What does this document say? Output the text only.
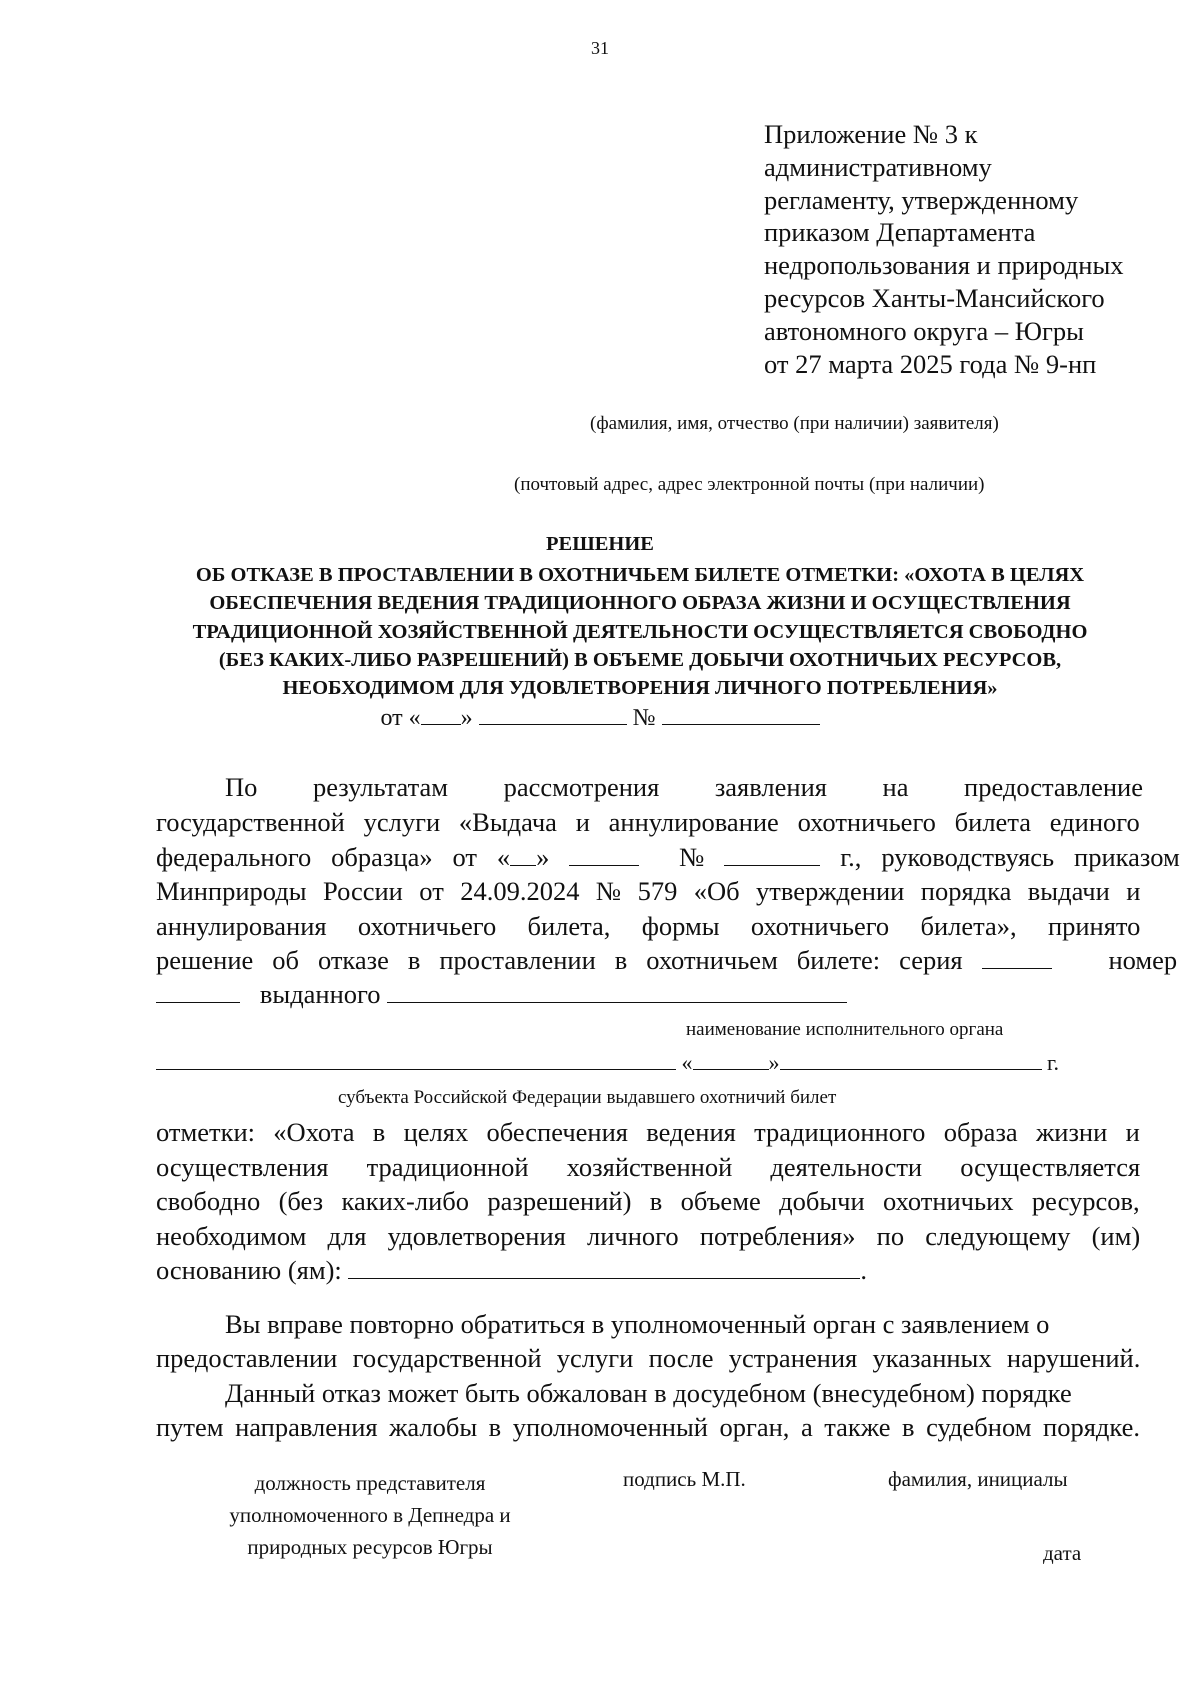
31
Приложение № 3 к
административному
регламенту, утвержденному
приказом Департамента
недропользования и природных
ресурсов Ханты-Мансийского
автономного округа – Югры
от 27 марта 2025 года № 9-нп
(фамилия, имя, отчество (при наличии) заявителя)
(почтовый адрес, адрес электронной почты (при наличии)
РЕШЕНИЕ
ОБ ОТКАЗЕ В ПРОСТАВЛЕНИИ В ОХОТНИЧЬЕМ БИЛЕТЕ ОТМЕТКИ: «ОХОТА В ЦЕЛЯХ
ОБЕСПЕЧЕНИЯ ВЕДЕНИЯ ТРАДИЦИОННОГО ОБРАЗА ЖИЗНИ И ОСУЩЕСТВЛЕНИЯ
ТРАДИЦИОННОЙ ХОЗЯЙСТВЕННОЙ ДЕЯТЕЛЬНОСТИ ОСУЩЕСТВЛЯЕТСЯ СВОБОДНО
(БЕЗ КАКИХ-ЛИБО РАЗРЕШЕНИЙ) В ОБЪЕМЕ ДОБЫЧИ ОХОТНИЧЬИХ РЕСУРСОВ,
НЕОБХОДИМОМ ДЛЯ УДОВЛЕТВОРЕНИЯ ЛИЧНОГО ПОТРЕБЛЕНИЯ»
от « »	№
По результатам рассмотрения заявления на предоставление
государственной услуги «Выдача и аннулирование охотничьего билета единого
федерального образца» от « »	№	г., руководствуясь приказом
Минприроды России от 24.09.2024 № 579 «Об утверждении порядка выдачи и
аннулирования охотничьего билета, формы охотничьего билета», принято
решение об отказе в проставлении в охотничьем билете: серия	номер
выданного
наименование исполнительного органа
«	»	г.
субъекта Российской Федерации выдавшего охотничий билет
отметки: «Охота в целях обеспечения ведения традиционного образа жизни и
осуществления традиционной хозяйственной деятельности осуществляется
свободно (без каких-либо разрешений) в объеме добычи охотничьих ресурсов,
необходимом для удовлетворения личного потребления» по следующему (им)
основанию (ям):	.
Вы вправе повторно обратиться в уполномоченный орган с заявлением о
предоставлении государственной услуги после устранения указанных нарушений.
Данный отказ может быть обжалован в досудебном (внесудебном) порядке
путем направления жалобы в уполномоченный орган, а также в судебном порядке.
должность представителя
уполномоченного в Депнедра и
природных ресурсов Югры
подпись М.П.	фамилия, инициалы
дата
